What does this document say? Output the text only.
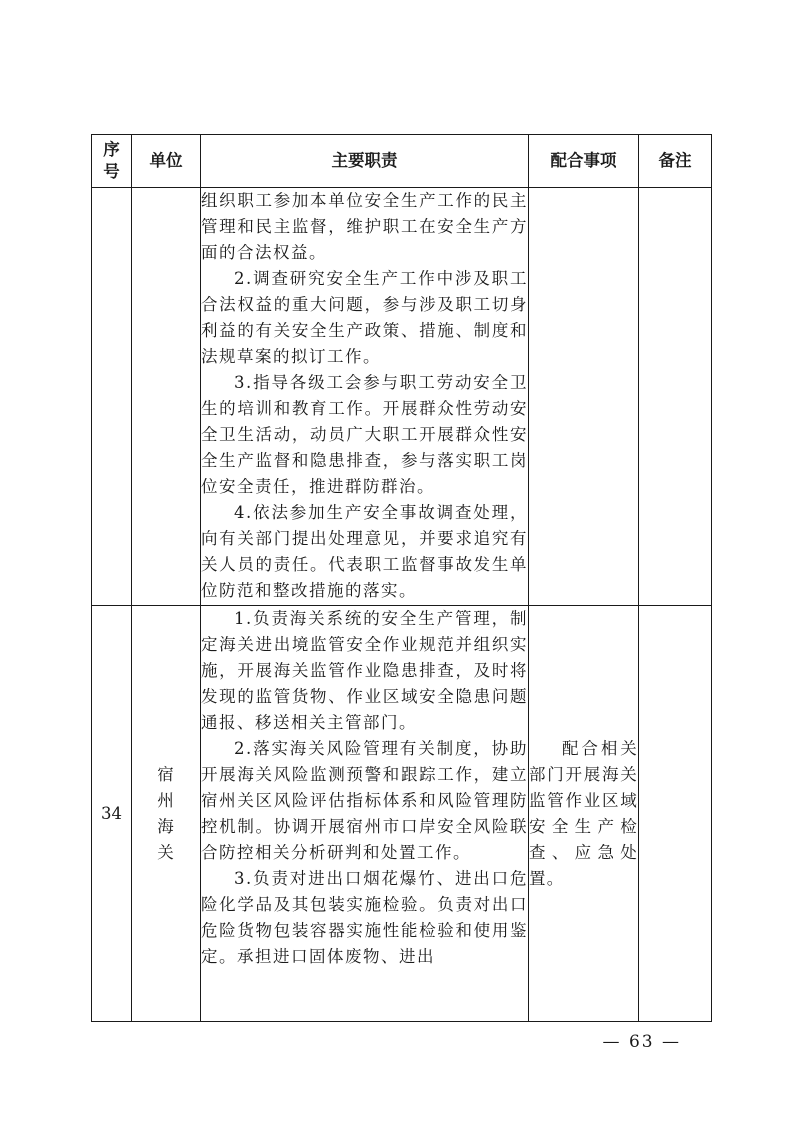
序
号	单位	主要职责	配合事项	备注

		组织职工参加本单位安全生产工作的民主管理和民主监督，维护职工在安全生产方面的合法权益。

2.调查研究安全生产工作中涉及职工合法权益的重大问题，参与涉及职工切身利益的有关安全生产政策、措施、制度和法规草案的拟订工作。

3.指导各级工会参与职工劳动安全卫生的培训和教育工作。开展群众性劳动安全卫生活动，动员广大职工开展群众性安全生产监督和隐患排查，参与落实职工岗位安全责任，推进群防群治。

4.依法参加生产安全事故调查处理，向有关部门提出处理意见，并要求追究有关人员的责任。代表职工监督事故发生单位防范和整改措施的落实。		

34	宿州海关	1.负责海关系统的安全生产管理，制定海关进出境监管安全作业规范并组织实施，开展海关监管作业隐患排查，及时将发现的监管货物、作业区域安全隐患问题通报、移送相关主管部门。

2.落实海关风险管理有关制度，协助开展海关风险监测预警和跟踪工作，建立宿州关区风险评估指标体系和风险管理防控机制。协调开展宿州市口岸安全风险联合防控相关分析研判和处置工作。

3.负责对进出口烟花爆竹、进出口危险化学品及其包装实施检验。负责对出口危险货物包装容器实施性能检验和使用鉴定。承担进口固体废物、进出	配合相关部门开展海关监管作业区域安全生产检查、应急处置。	

— 63 —
